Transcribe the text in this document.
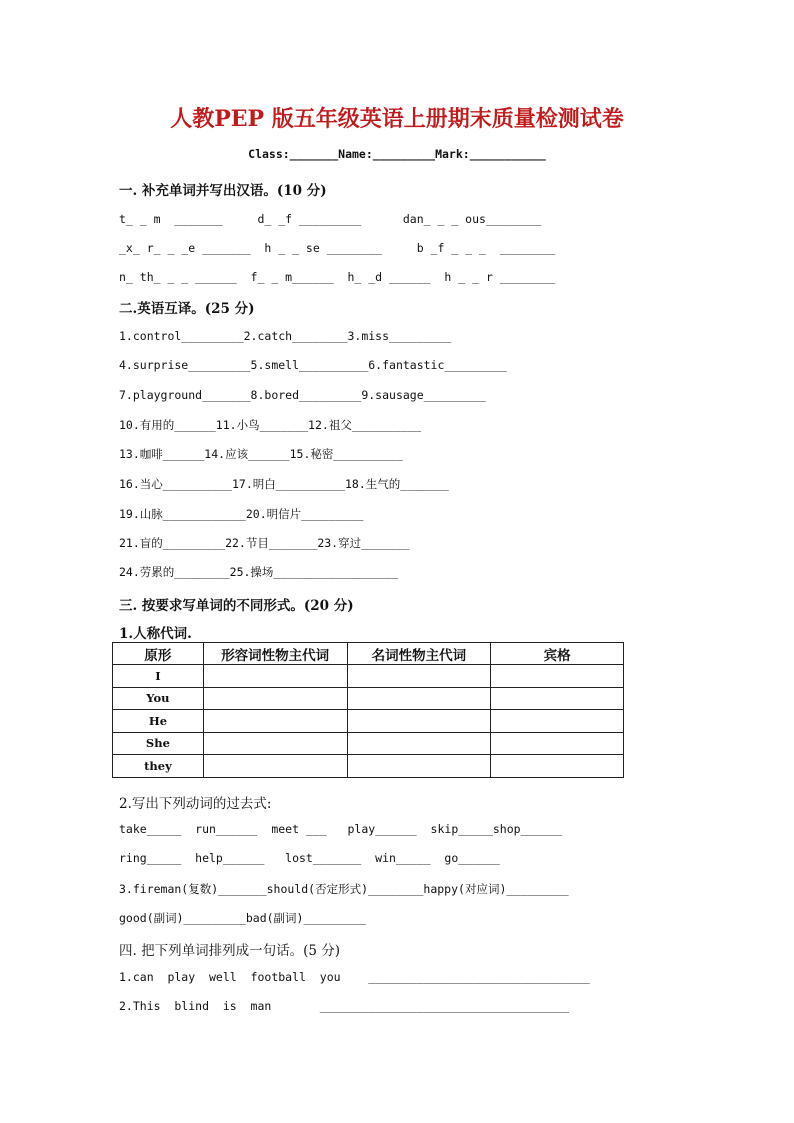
人教PEP 版五年级英语上册期末质量检测试卷
Class:_______Name:_________Mark:___________
一. 补充单词并写出汉语。(10 分)
t_ _ m  _______     d_ _f _________      dan_ _ _ ous________
_x_ r_ _ _e _______  h _ _ se ________     b _f _ _ _  ________
n_ th_ _ _ ______  f_ _ m______  h_ _d ______  h _ _ r ________
二.英语互译。(25 分)
1.control_________2.catch________3.miss_________
4.surprise_________5.smell__________6.fantastic_________
7.playground_______8.bored_________9.sausage_________
10.有用的______11.小鸟_______12.祖父__________
13.咖啡______14.应该______15.秘密__________
16.当心__________17.明白__________18.生气的_______
19.山脉____________20.明信片_________
21.盲的_________22.节目_______23.穿过_______
24.劳累的________25.操场__________________
三. 按要求写单词的不同形式。(20 分)
1.人称代词.
原形	形容词性物主代词	名词性物主代词	宾格
I			
You			
He			
She			
they			
2.写出下列动词的过去式:
take_____  run______  meet ___   play______  skip_____shop______
ring_____  help______   lost_______  win_____  go______
3.fireman(复数)_______should(否定形式)________happy(对应词)_________
good(副词)_________bad(副词)_________
四. 把下列单词排列成一句话。(5 分)
1.can  play  well  football  you    ________________________________
2.This  blind  is  man       ____________________________________
